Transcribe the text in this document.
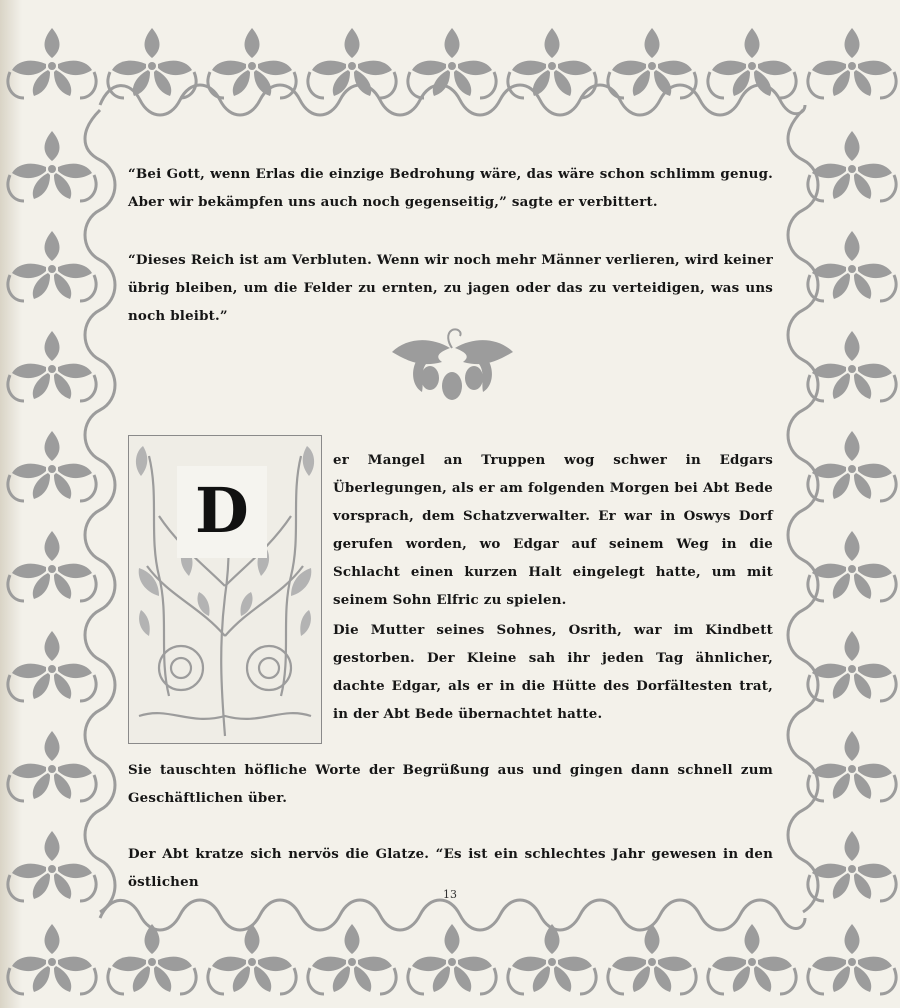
“Bei Gott, wenn Erlas die einzige Bedrohung wäre, das wäre schon schlimm genug. Aber wir bekämpfen uns auch noch gegenseitig,” sagte er verbittert.

“Dieses Reich ist am Verbluten. Wenn wir noch mehr Männer verlieren, wird keiner übrig bleiben, um die Felder zu ernten, zu jagen oder das zu verteidigen, was uns noch bleibt.”

D

er Mangel an Truppen wog schwer in Edgars Überlegungen, als er am folgenden Morgen bei Abt Bede vorsprach, dem Schatzverwalter. Er war in Oswys Dorf gerufen worden, wo Edgar auf seinem Weg in die Schlacht einen kurzen Halt eingelegt hatte, um mit seinem Sohn Elfric zu spielen.

Die Mutter seines Sohnes, Osrith, war im Kindbett gestorben. Der Kleine sah ihr jeden Tag ähnlicher, dachte Edgar, als er in die Hütte des Dorfältesten trat, in der Abt Bede übernachtet hatte.

Sie tauschten höfliche Worte der Begrüßung aus und gingen dann schnell zum Geschäftlichen über.

Der Abt kratze sich nervös die Glatze. “Es ist ein schlechtes Jahr gewesen in den östlichen

13
